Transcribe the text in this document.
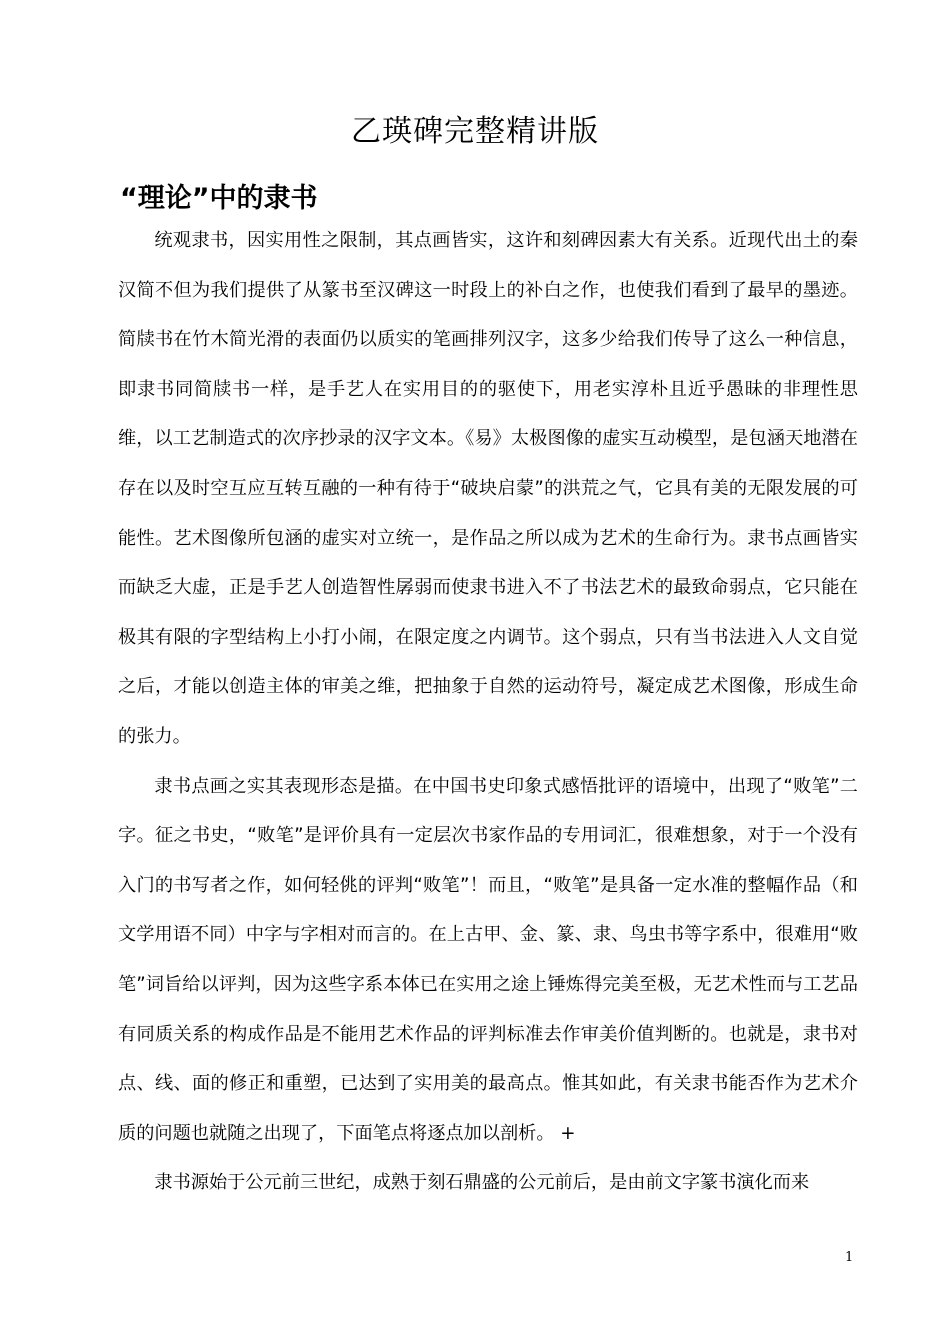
乙瑛碑完整精讲版
“理论”中的隶书

统观隶书，因实用性之限制，其点画皆实，这许和刻碑因素大有关系。近现代出土的秦汉简不但为我们提供了从篆书至汉碑这一时段上的补白之作，也使我们看到了最早的墨迹。简牍书在竹木简光滑的表面仍以质实的笔画排列汉字，这多少给我们传导了这么一种信息，即隶书同简牍书一样，是手艺人在实用目的的驱使下，用老实淳朴且近乎愚昧的非理性思维，以工艺制造式的次序抄录的汉字文本。《易》太极图像的虚实互动模型，是包涵天地潜在存在以及时空互应互转互融的一种有待于“破块启蒙”的洪荒之气，它具有美的无限发展的可能性。艺术图像所包涵的虚实对立统一，是作品之所以成为艺术的生命行为。隶书点画皆实而缺乏大虚，正是手艺人创造智性孱弱而使隶书进入不了书法艺术的最致命弱点，它只能在极其有限的字型结构上小打小闹，在限定度之内调节。这个弱点，只有当书法进入人文自觉之后，才能以创造主体的审美之维，把抽象于自然的运动符号，凝定成艺术图像，形成生命的张力。

隶书点画之实其表现形态是描。在中国书史印象式感悟批评的语境中，出现了“败笔”二字。征之书史，“败笔”是评价具有一定层次书家作品的专用词汇，很难想象，对于一个没有入门的书写者之作，如何轻佻的评判“败笔”！而且，“败笔”是具备一定水准的整幅作品（和文学用语不同）中字与字相对而言的。在上古甲、金、篆、隶、鸟虫书等字系中，很难用“败笔”词旨给以评判，因为这些字系本体已在实用之途上锤炼得完美至极，无艺术性而与工艺品有同质关系的构成作品是不能用艺术作品的评判标准去作审美价值判断的。也就是，隶书对点、线、面的修正和重塑，已达到了实用美的最高点。惟其如此，有关隶书能否作为艺术介质的问题也就随之出现了，下面笔点将逐点加以剖析。 +

隶书源始于公元前三世纪，成熟于刻石鼎盛的公元前后，是由前文字篆书演化而来

1
